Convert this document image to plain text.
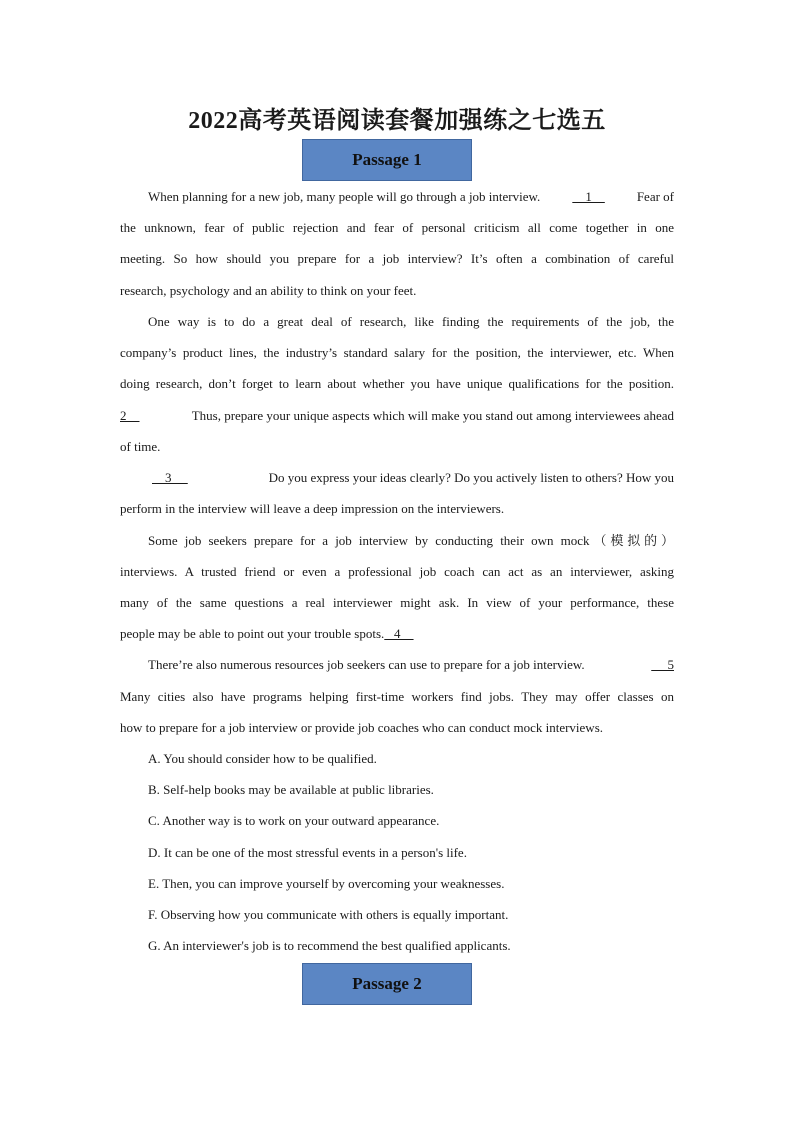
2022高考英语阅读套餐加强练之七选五
Passage 1
When planning for a new job, many people will go through a job interview. 1 Fear of
the unknown, fear of public rejection and fear of personal criticism all come together in one
meeting. So how should you prepare for a job interview? It’s often a combination of careful
research, psychology and an ability to think on your feet.
One way is to do a great deal of research, like finding the requirements of the job, the
company’s product lines, the industry’s standard salary for the position, the interviewer, etc. When
doing research, don’t forget to learn about whether you have unique qualifications for the position.
2	Thus, prepare your unique aspects which will make you stand out among interviewees ahead
of time.
3	Do you express your ideas clearly? Do you actively listen to others? How you
perform in the interview will leave a deep impression on the interviewers.
Some job seekers prepare for a job interview by conducting their own mock（模拟的）
interviews. A trusted friend or even a professional job coach can act as an interviewer, asking
many of the same questions a real interviewer might ask. In view of your performance, these
people may be able to point out your trouble spots.   4
There’re also numerous resources job seekers can use to prepare for a job interview.	5
Many cities also have programs helping first-time workers find jobs. They may offer classes on
how to prepare for a job interview or provide job coaches who can conduct mock interviews.
A. You should consider how to be qualified.
B. Self-help books may be available at public libraries.
C. Another way is to work on your outward appearance.
D. It can be one of the most stressful events in a person's life.
E. Then, you can improve yourself by overcoming your weaknesses.
F. Observing how you communicate with others is equally important.
G. An interviewer's job is to recommend the best qualified applicants.
Passage 2
